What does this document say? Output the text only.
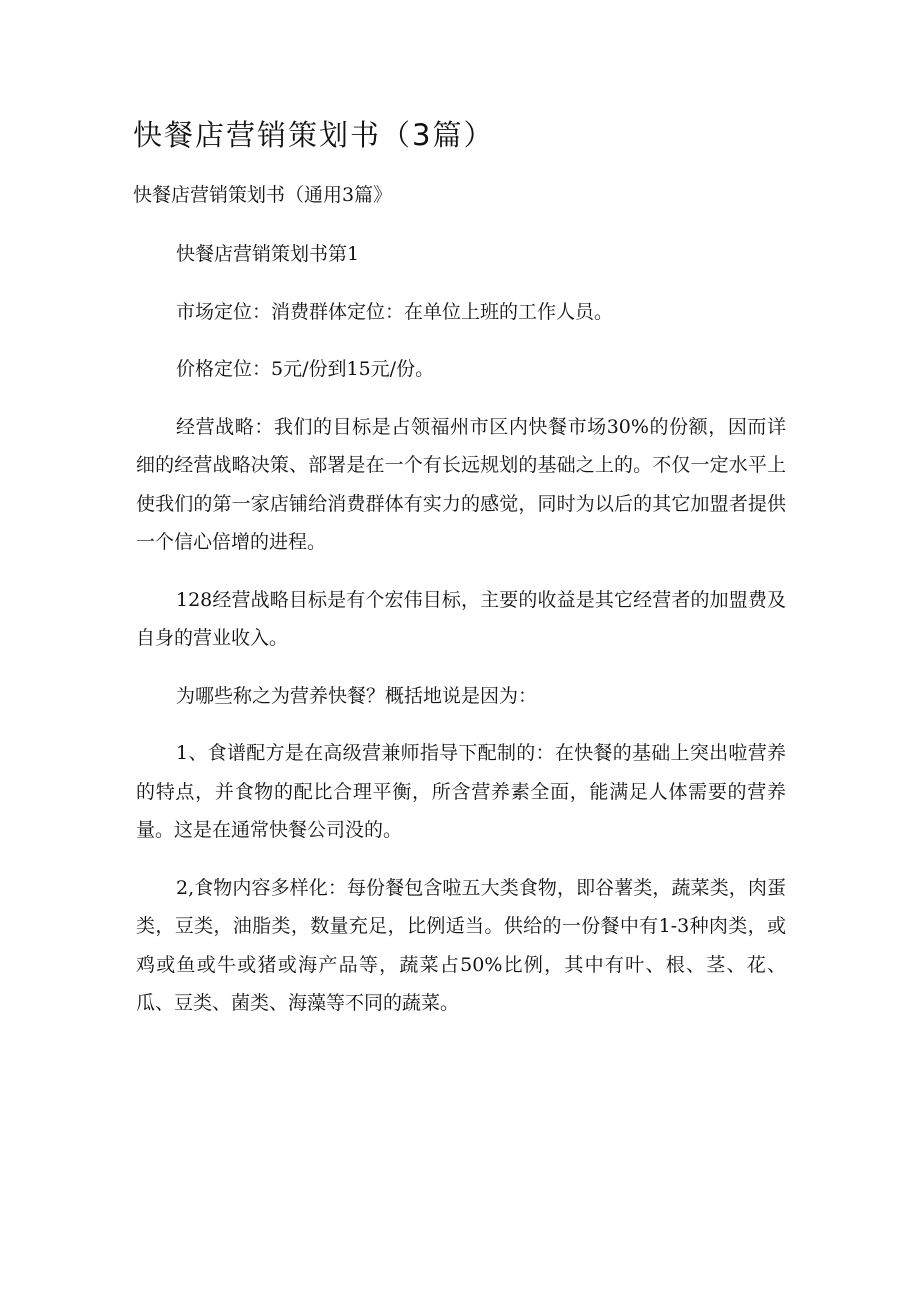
快餐店营销策划书（3篇）
快餐店营销策划书（通用3篇》

快餐店营销策划书第1

市场定位：消费群体定位：在单位上班的工作人员。

价格定位：5元/份到15元/份。

经营战略：我们的目标是占领福州市区内快餐市场30%的份额，因而详细的经营战略决策、部署是在一个有长远规划的基础之上的。不仅一定水平上使我们的第一家店铺给消费群体有实力的感觉，同时为以后的其它加盟者提供一个信心倍增的进程。

128经营战略目标是有个宏伟目标，主要的收益是其它经营者的加盟费及自身的营业收入。

为哪些称之为营养快餐？概括地说是因为：

1、食谱配方是在高级营兼师指导下配制的：在快餐的基础上突出啦营养的特点，并食物的配比合理平衡，所含营养素全面，能满足人体需要的营养量。这是在通常快餐公司没的。

2,食物内容多样化：每份餐包含啦五大类食物，即谷薯类，蔬菜类，肉蛋类，豆类，油脂类，数量充足，比例适当。供给的一份餐中有1-3种肉类，或鸡或鱼或牛或猪或海产品等，蔬菜占50%比例，其中有叶、根、茎、花、瓜、豆类、菌类、海藻等不同的蔬菜。
